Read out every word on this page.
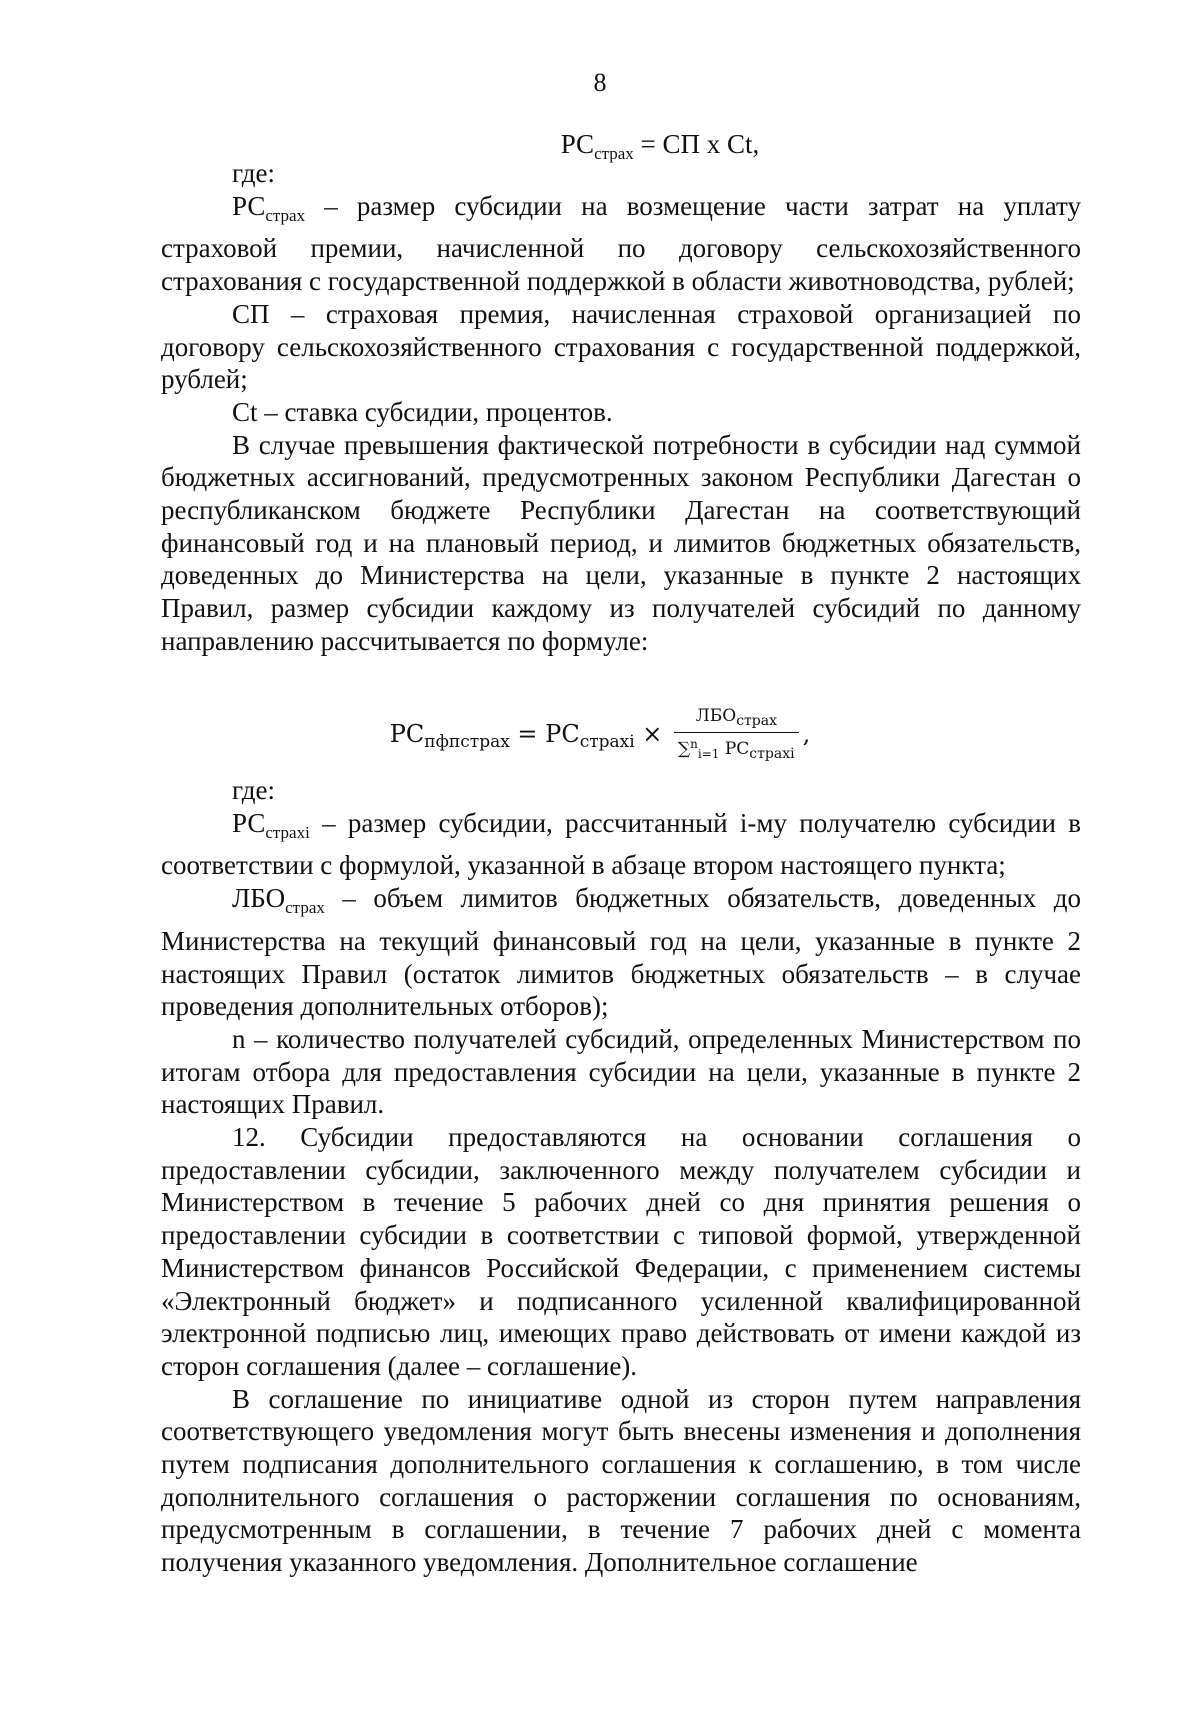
8
$РС_{страх}$ = СП х Ct,

где:

$РС_{страх}$ – размер субсидии на возмещение части затрат на уплату страховой премии, начисленной по договору сельскохозяйственного страхования с государственной поддержкой в области животноводства, рублей;

СП – страховая премия, начисленная страховой организацией по договору сельскохозяйственного страхования с государственной поддержкой, рублей;

Ct – ставка субсидии, процентов.

В случае превышения фактической потребности в субсидии над суммой бюджетных ассигнований, предусмотренных законом Республики Дагестан о республиканском бюджете Республики Дагестан на соответствующий финансовый год и на плановый период, и лимитов бюджетных обязательств, доведенных до Министерства на цели, указанные в пункте 2 настоящих Правил, размер субсидии каждому из получателей субсидий по данному направлению рассчитывается по формуле:

$РС_{пфпстрах} = РС_{страхi} \times \frac{ЛБО_{страх}}{\sum^n_{i=1} РС_{страхi}}$ ,

где:

$РС_{страхi}$ – размер субсидии, рассчитанный i-му получателю субсидии в соответствии с формулой, указанной в абзаце втором настоящего пункта;

$ЛБО_{страх}$ – объем лимитов бюджетных обязательств, доведенных до Министерства на текущий финансовый год на цели, указанные в пункте 2 настоящих Правил (остаток лимитов бюджетных обязательств – в случае проведения дополнительных отборов);

n – количество получателей субсидий, определенных Министерством по итогам отбора для предоставления субсидии на цели, указанные в пункте 2 настоящих Правил.

12. Субсидии предоставляются на основании соглашения о предоставлении субсидии, заключенного между получателем субсидии и Министерством в течение 5 рабочих дней со дня принятия решения о предоставлении субсидии в соответствии с типовой формой, утвержденной Министерством финансов Российской Федерации, с применением системы «Электронный бюджет» и подписанного усиленной квалифицированной электронной подписью лиц, имеющих право действовать от имени каждой из сторон соглашения (далее – соглашение).

В соглашение по инициативе одной из сторон путем направления соответствующего уведомления могут быть внесены изменения и дополнения путем подписания дополнительного соглашения к соглашению, в том числе дополнительного соглашения о расторжении соглашения по основаниям, предусмотренным в соглашении, в течение 7 рабочих дней с момента получения указанного уведомления. Дополнительное соглашение
